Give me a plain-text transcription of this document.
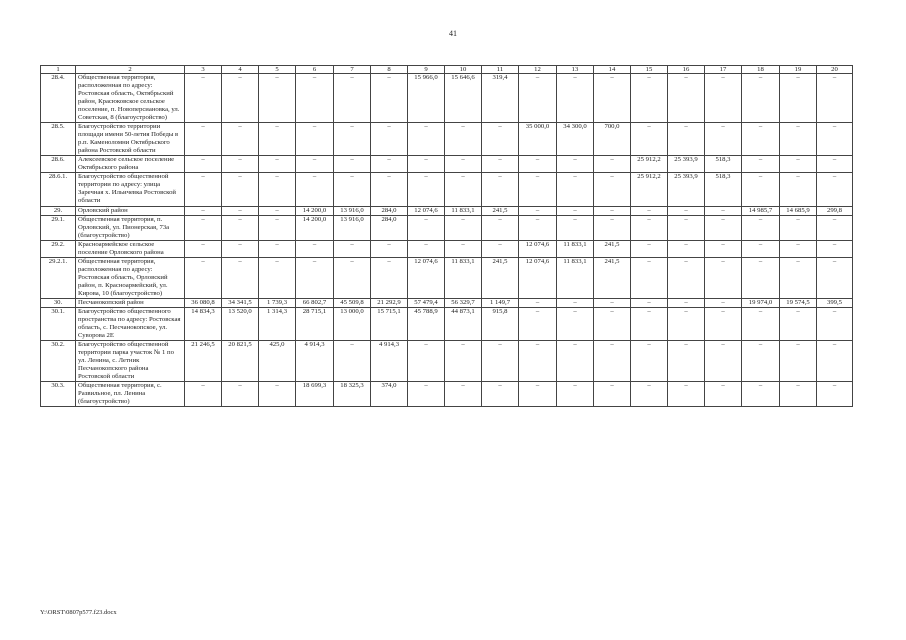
41
1	2	3	4	5	6	7	8	9	10	11	12	13	14	15	16	17	18	19	20
28.4.	Общественная территория, расположенная по адресу: Ростовская область, Октябрьский район, Красюковское сельское поселение, п. Новоперсиановка, ул. Советская, 8 (благоустройство)	–	–	–	–	–	–	15 966,0	15 646,6	319,4	–	–	–	–	–	–	–	–	–
28.5.	Благоустройство территории площади имени 50-летия Победы в р.п. Каменоломни Октябрьского района Ростовской области	–	–	–	–	–	–	–	–	–	35 000,0	34 300,0	700,0	–	–	–	–	–	–
28.6.	Алексеевское сельское поселение Октябрьского района	–	–	–	–	–	–	–	–	–	–	–	–	25 912,2	25 393,9	518,3	–	–	–
28.6.1.	Благоустройство общественной территории по адресу: улица Заречная х. Ильичевка Ростовской области	–	–	–	–	–	–	–	–	–	–	–	–	25 912,2	25 393,9	518,3	–	–	–
29.	Орловский район	–	–	–	14 200,0	13 916,0	284,0	12 074,6	11 833,1	241,5	–	–	–	–	–	–	14 985,7	14 685,9	299,8
29.1.	Общественная территория, п. Орловский, ул. Пионерская, 73а (благоустройство)	–	–	–	14 200,0	13 916,0	284,0	–	–	–	–	–	–	–	–	–	–	–	–
29.2.	Красноармейское сельское поселение Орловского района	–	–	–	–	–	–	–	–	–	12 074,6	11 833,1	241,5	–	–	–	–	–	–
29.2.1.	Общественная территория, расположенная по адресу: Ростовская область, Орловский район, п. Красноармейский, ул. Кирова, 10 (благоустройство)	–	–	–	–	–	–	12 074,6	11 833,1	241,5	12 074,6	11 833,1	241,5	–	–	–	–	–	–
30.	Песчанокопский район	36 080,8	34 341,5	1 739,3	66 802,7	45 509,8	21 292,9	57 479,4	56 329,7	1 149,7	–	–	–	–	–	–	19 974,0	19 574,5	399,5
30.1.	Благоустройство общественного пространства по адресу: Ростовская область, с. Песчанокопское, ул. Суворова 2Е	14 834,3	13 520,0	1 314,3	28 715,1	13 000,0	15 715,1	45 788,9	44 873,1	915,8	–	–	–	–	–	–	–	–	–
30.2.	Благоустройство общественной территории парка участок № 1 по ул. Ленина, с. Летник Песчанокопского района Ростовской области	21 246,5	20 821,5	425,0	4 914,3	–	4 914,3	–	–	–	–	–	–	–	–	–	–	–	–
30.3.	Общественная территория, с. Развильное, пл. Ленина (благоустройство)	–	–	–	18 699,3	18 325,3	374,0	–	–	–	–	–	–	–	–	–	–	–	–
Y:\ORST\0807p577.f23.docx
